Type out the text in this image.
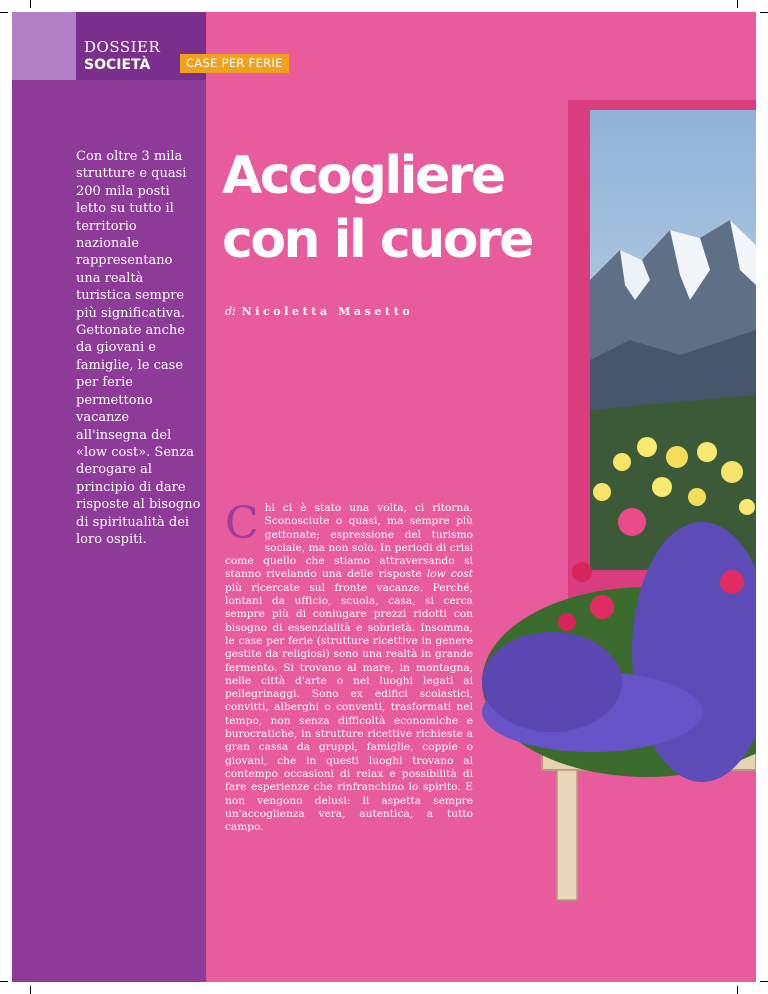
DOSSIER
SOCIETÀ	CASE PER FERIE

Con oltre 3 mila strutture e quasi 200 mila posti letto su tutto il territorio nazionale rappresentano una realtà turistica sempre più significativa. Gettonate anche da giovani e famiglie, le case per ferie permettono vacanze all'insegna del «low cost». Senza derogare al principio di dare risposte al bisogno di spiritualità dei loro ospiti.

Accogliere
con il cuore
di Nicoletta Masetto

Chi ci è stato una volta, ci ritorna. Sconosciute o quasi, ma sempre più gettonate; espressione del turismo sociale, ma non solo. In periodi di crisi come quello che stiamo attraversando si stanno rivelando una delle risposte low cost più ricercate sul fronte vacanze. Perché, lontani da ufficio, scuola, casa, si cerca sempre più di coniugare prezzi ridotti con bisogno di essenzialità e sobrietà. Insomma, le case per ferie (strutture ricettive in genere gestite da religiosi) sono una realtà in grande fermento. Si trovano al mare, in montagna, nelle città d'arte o nei luoghi legati ai pellegrinaggi. Sono ex edifici scolastici, convitti, alberghi o conventi, trasformati nel tempo, non senza difficoltà economiche e burocratiche, in strutture ricettive richieste a gran cassa da gruppi, famiglie, coppie o giovani, che in questi luoghi trovano al contempo occasioni di relax e possibilità di fare esperienze che rinfranchino lo spirito. E non vengono delusi: li aspetta sempre un'accoglienza vera, autentica, a tutto campo.
